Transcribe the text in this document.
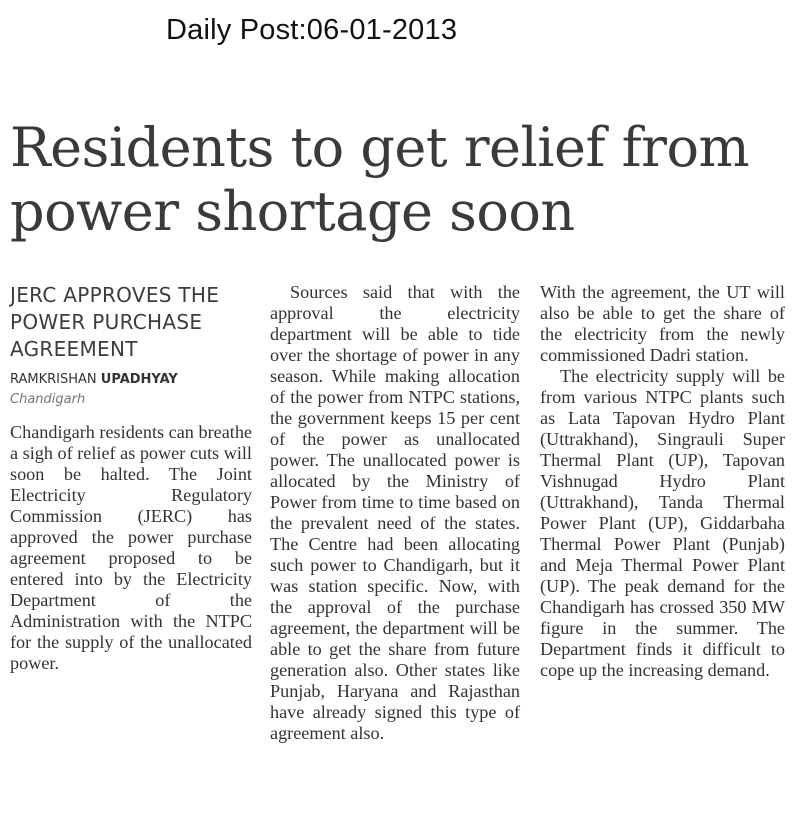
Daily Post:06-01-2013
Residents to get relief from
power shortage soon

JERC APPROVES THE POWER PURCHASE AGREEMENT

RAMKRISHAN UPADHYAY
Chandigarh

Chandigarh residents can breathe a sigh of relief as power cuts will soon be halted. The Joint Electricity Regulatory Commission (JERC) has approved the power purchase agreement proposed to be entered into by the Electricity Department of the Administration with the NTPC for the supply of the unallocated power.

Sources said that with the approval the electricity department will be able to tide over the shortage of power in any season. While making allocation of the power from NTPC stations, the government keeps 15 per cent of the power as unallocated power. The unallocated power is allocated by the Ministry of Power from time to time based on the prevalent need of the states. The Centre had been allocating such power to Chandigarh, but it was station specific. Now, with the approval of the purchase agreement, the department will be able to get the share from future generation also. Other states like Punjab, Haryana and Rajasthan have already signed this type of agreement also.

With the agreement, the UT will also be able to get the share of the electricity from the newly commissioned Dadri station.

The electricity supply will be from various NTPC plants such as Lata Tapovan Hydro Plant (Uttrakhand), Singrauli Super Thermal Plant (UP), Tapovan Vishnugad Hydro Plant (Uttrakhand), Tanda Thermal Power Plant (UP), Giddarbaha Thermal Power Plant (Punjab) and Meja Thermal Power Plant (UP). The peak demand for the Chandigarh has crossed 350 MW figure in the summer. The Department finds it difficult to cope up the increasing demand.
